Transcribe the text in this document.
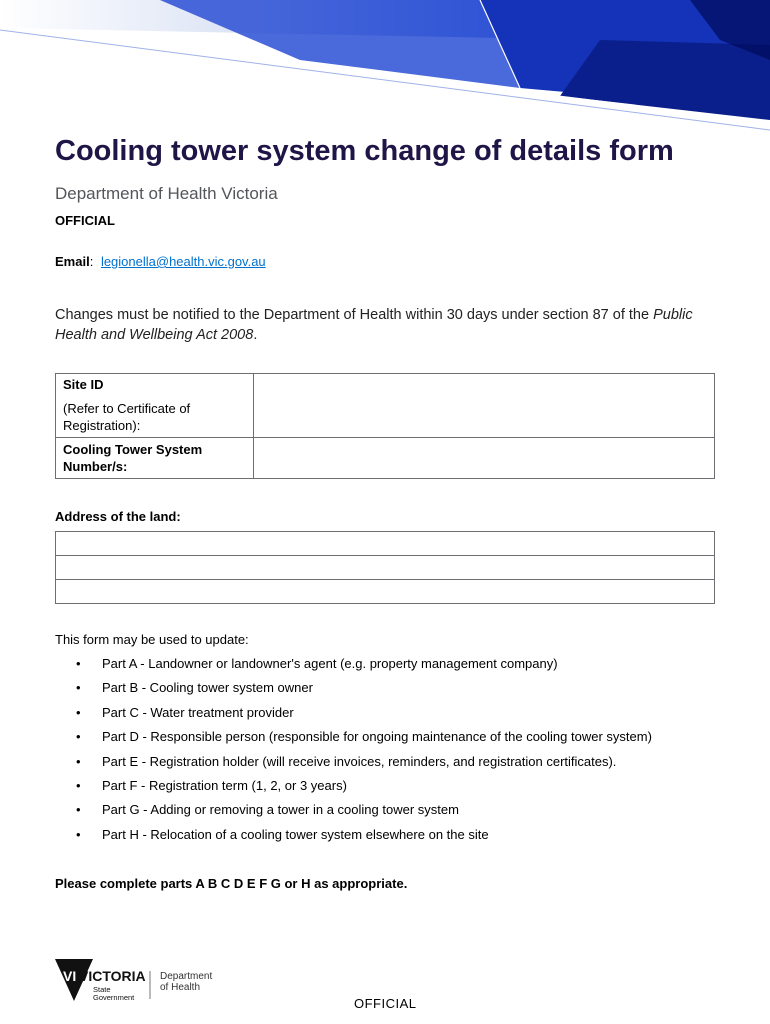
Cooling tower system change of details form
Department of Health Victoria
OFFICIAL
Email: legionella@health.vic.gov.au
Changes must be notified to the Department of Health within 30 days under section 87 of the Public Health and Wellbeing Act 2008.
Site ID
(Refer to Certificate of Registration):	

Cooling Tower System Number/s:	

Address of the land:

This form may be used to update:
• Part A - Landowner or landowner's agent (e.g. property management company)
• Part B - Cooling tower system owner
• Part C - Water treatment provider
• Part D - Responsible person (responsible for ongoing maintenance of the cooling tower system)
• Part E - Registration holder (will receive invoices, reminders, and registration certificates).
• Part F - Registration term (1, 2, or 3 years)
• Part G - Adding or removing a tower in a cooling tower system
• Part H - Relocation of a cooling tower system elsewhere on the site
Please complete parts A B C D E F G or H as appropriate.
VI VICTORIA
State
Government
Department
of Health
OFFICIAL
